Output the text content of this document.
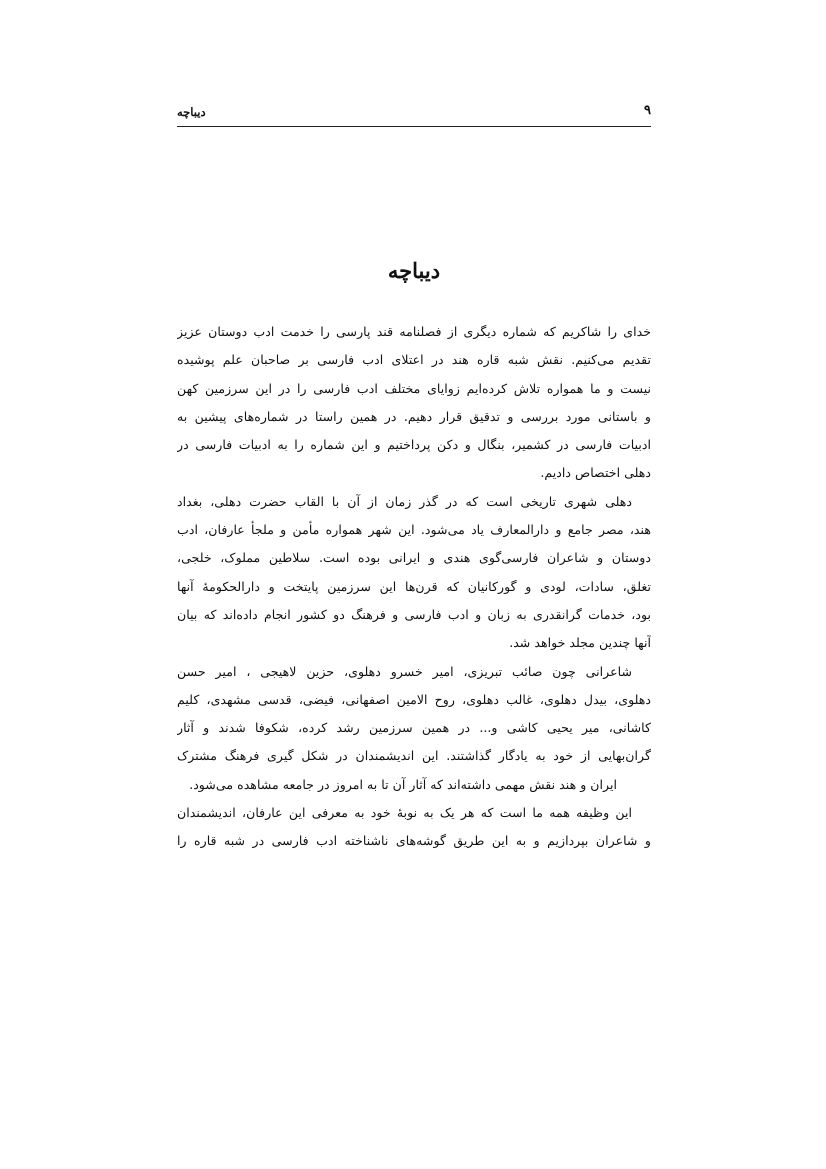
۹
دیباچه
دیباچه
خدای را شاکریم که شماره دیگری از فصلنامه قند پارسی را خدمت ادب دوستان عزیز
تقدیم می‌کنیم. نقش شبه قاره هند در اعتلای ادب فارسی بر صاحبان علم پوشیده
نیست و ما همواره تلاش کرده‌ایم زوایای مختلف ادب فارسی را در این سرزمین کهن
و باستانی مورد بررسی و تدقیق قرار دهیم. در همین راستا در شماره‌های پیشین به
ادبیات فارسی در کشمیر، بنگال و دکن پرداختیم و این شماره را به ادبیات فارسی در
دهلی اختصاص دادیم.
دهلی شهری تاریخی است که در گذر زمان از آن با القاب حضرت دهلی، بغداد
هند، مصر جامع و دارالمعارف یاد می‌شود. این شهر همواره مأمن و ملجأ عارفان، ادب
دوستان و شاعران فارسی‌گوی هندی و ایرانی بوده است. سلاطین مملوک، خلجی،
تغلق، سادات، لودی و گورکانیان که قرن‌ها این سرزمین پایتخت و دارالحکومهٔ آنها
بود، خدمات گرانقدری به زبان و ادب فارسی و فرهنگ دو کشور انجام داده‌اند که بیان
آنها چندین مجلد خواهد شد.
شاعرانی چون صائب تبریزی، امیر خسرو دهلوی، حزین لاهیجی ، امیر حسن
دهلوی، بیدل دهلوی، غالب دهلوی، روح الامین اصفهانی، فیضی، قدسی مشهدی، کلیم
کاشانی، میر یحیی کاشی و... در همین سرزمین رشد کرده، شکوفا شدند و آثار
گران‌بهایی از خود به یادگار گذاشتند. این اندیشمندان در شکل گیری فرهنگ مشترک
ایران و هند نقش مهمی داشته‌اند که آثار آن تا به امروز در جامعه مشاهده می‌شود.
این وظیفه همه ما است که هر یک به نوبهٔ خود به معرفی این عارفان، اندیشمندان
و شاعران بپردازیم و به این طریق گوشه‌های ناشناخته ادب فارسی در شبه قاره را
